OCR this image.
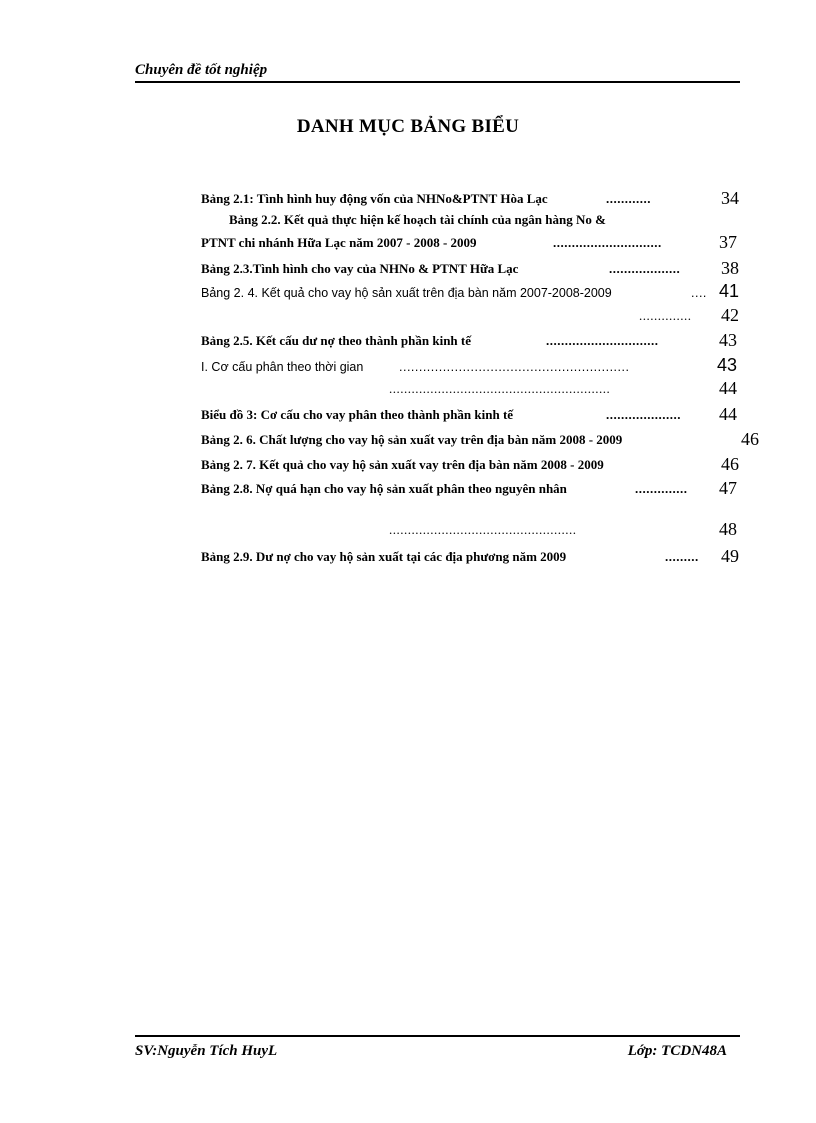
Chuyên đề tốt nghiệp
DANH MỤC BẢNG BIỂU
Bảng 2.1: Tình hình huy động vốn của NHNo&PTNT Hòa Lạc	............	34
Bảng 2.2. Kết quả thực hiện kế hoạch tài chính của ngân hàng No &
PTNT chi nhánh Hữa Lạc năm 2007 - 2008 - 2009	.............................	37
Bảng 2.3.Tình hình cho vay của NHNo & PTNT Hữa Lạc	................... 38
Bảng 2. 4. Kết quả cho vay hộ sản xuất trên địa bàn năm 2007-2008-2009	.... 41
.............. 42
Bảng 2.5. Kết cấu dư nợ theo thành phần kinh tế	..............................	43
I. Cơ cấu phân theo thời gian	..........................................................	43
...........................................................	44
Biểu đồ 3: Cơ cấu cho vay phân theo thành phần kinh tế	.................... 44
Bảng 2. 6. Chất lượng cho vay hộ sản xuất vay trên địa bàn năm 2008 - 2009	46
Bảng 2. 7. Kết quả cho vay hộ sản xuất vay trên địa bàn năm 2008 - 2009	46
Bảng 2.8. Nợ quá hạn cho vay hộ sản xuất phân theo nguyên nhân	.............. 47
..................................................	48
Bảng 2.9. Dư nợ cho vay hộ sản xuất tại các địa phương năm 2009	......... 49
SV:Nguyễn Tích HuyL	Lớp: TCDN48A
